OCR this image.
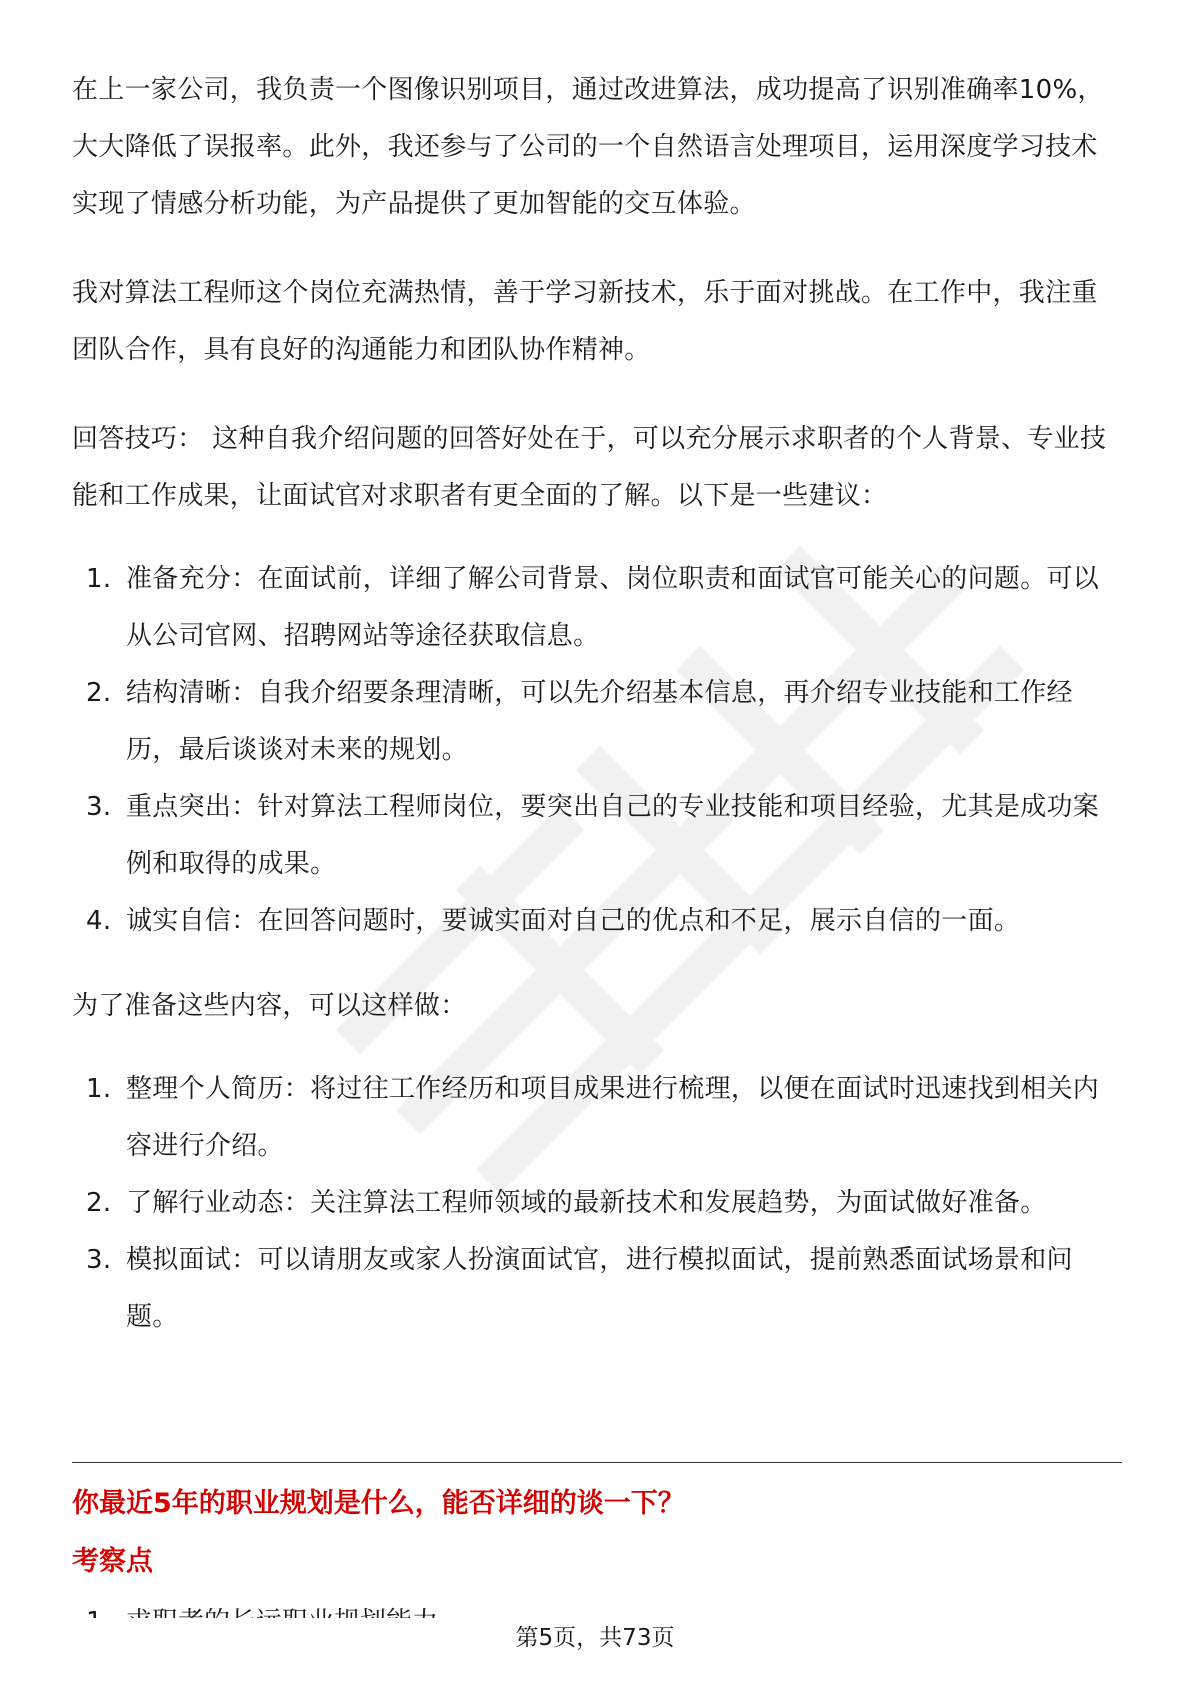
在上一家公司，我负责一个图像识别项目，通过改进算法，成功提高了识别准确率10%，大大降低了误报率。此外，我还参与了公司的一个自然语言处理项目，运用深度学习技术实现了情感分析功能，为产品提供了更加智能的交互体验。

我对算法工程师这个岗位充满热情，善于学习新技术，乐于面对挑战。在工作中，我注重团队合作，具有良好的沟通能力和团队协作精神。

回答技巧： 这种自我介绍问题的回答好处在于，可以充分展示求职者的个人背景、专业技能和工作成果，让面试官对求职者有更全面的了解。以下是一些建议：

1. 准备充分：在面试前，详细了解公司背景、岗位职责和面试官可能关心的问题。可以从公司官网、招聘网站等途径获取信息。
2. 结构清晰：自我介绍要条理清晰，可以先介绍基本信息，再介绍专业技能和工作经历，最后谈谈对未来的规划。
3. 重点突出：针对算法工程师岗位，要突出自己的专业技能和项目经验，尤其是成功案例和取得的成果。
4. 诚实自信：在回答问题时，要诚实面对自己的优点和不足，展示自信的一面。

为了准备这些内容，可以这样做：

1. 整理个人简历：将过往工作经历和项目成果进行梳理，以便在面试时迅速找到相关内容进行介绍。
2. 了解行业动态：关注算法工程师领域的最新技术和发展趋势，为面试做好准备。
3. 模拟面试：可以请朋友或家人扮演面试官，进行模拟面试，提前熟悉面试场景和问题。
你最近5年的职业规划是什么，能否详细的谈一下？
考察点
第5页，共73页
